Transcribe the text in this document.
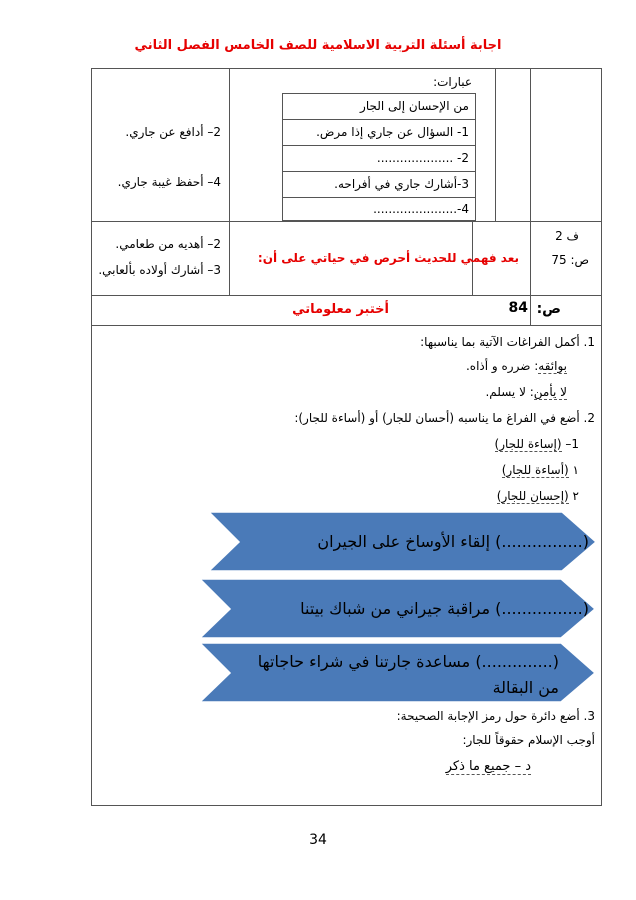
اجابة أسئلة التربية الاسلامية للصف الخامس الفصل الثاني
عبارات:
من الإحسان إلى الجار
1- السؤال عن جاري إذا مرض.
2- ....................
3-أشارك جاري في أفراحه.
4-......................
2– أدافع عن جاري.
4– أحفظ غيبة جاري.
ف 2
ص: 75
بعد فهمي للحديث أحرص في حياتي على أن:
2– أهديه من طعامي.
3– أشارك أولاده بألعابي.
ص:
84
أختبر معلوماتي
1. أكمل الفراغات الآتية بما يناسبها:
بوائقه: ضرره و أذاه.
لا يأمن: لا يسلم.
2. أضع في الفراغ ما يناسبه (أحسان للجار) أو (أساءة للجار):
1– (إساءة للجار)
١ (أساءة للجار)
٢ (إحسان للجار)
(................) إلقاء الأوساخ على الجيران
(................) مراقبة جيراني من شباك بيتنا
(..............) مساعدة جارتنا في شراء حاجاتها من البقالة
3. أضع دائرة حول رمز الإجابة الصحيحة:
أوجب الإسلام حقوقاً للجار:
د – جميع ما ذكر
34
